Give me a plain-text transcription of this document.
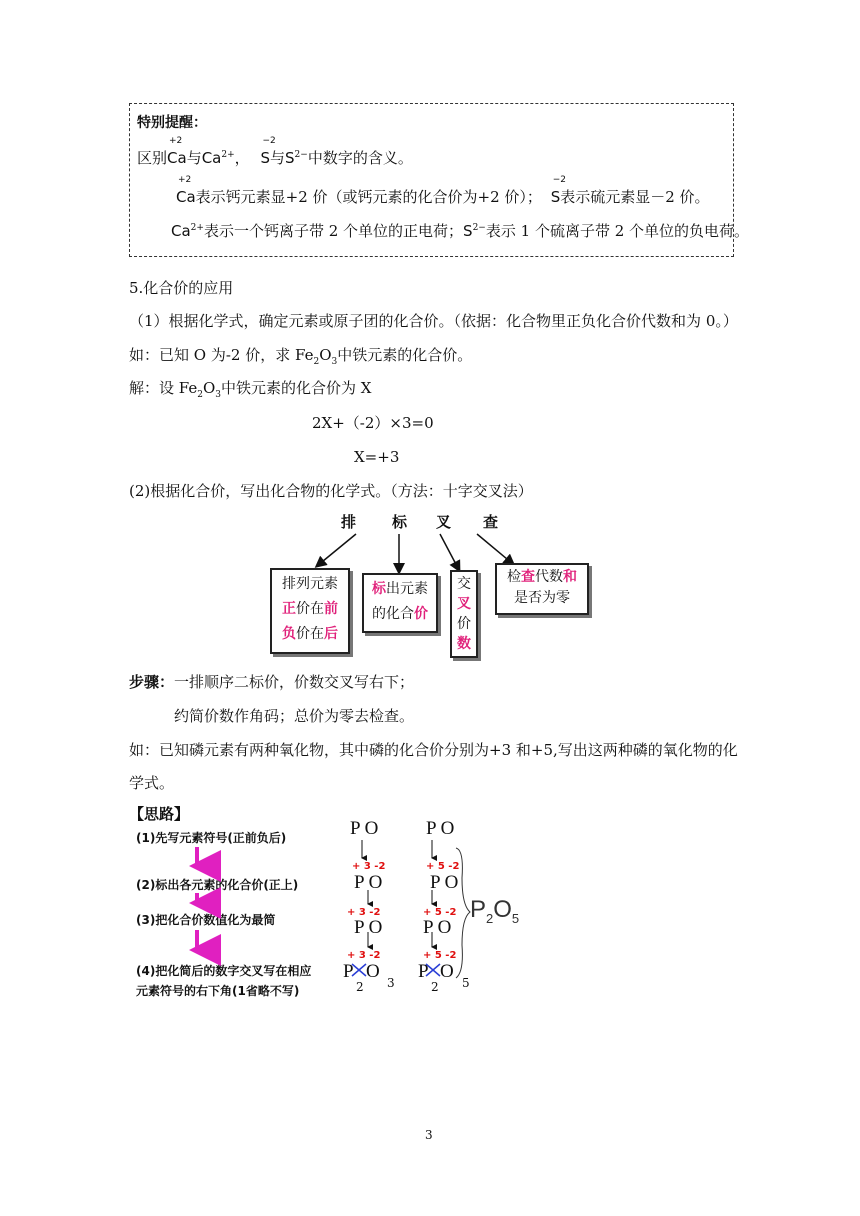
特别提醒：
区别
+2
Ca与$Ca^{2+}$，
−2
S与$S^{2-}$中数字的含义。
+2
Ca表示钙元素显+2 价（或钙元素的化合价为+2 价）；
−2
S表示硫元素显－2 价。
$Ca^{2+}$表示一个钙离子带 2 个单位的正电荷；$S^{2-}$表示 1 个硫离子带 2 个单位的负电荷。
5.化合价的应用
（1）根据化学式，确定元素或原子团的化合价。（依据：化合物里正负化合价代数和为 0。）
如：已知 O 为-2 价，求 $Fe_2O_3$中铁元素的化合价。
解：设 $Fe_2O_3$中铁元素的化合价为 X
2X+（-2）×3=0
X=+3
(2)根据化合价，写出化合物的化学式。（方法：十字交叉法）
排 标 叉 查
排列元素
正价在前
负价在后
标出元素
的化合价
交
叉
价
数
检查代数和
是否为零
步骤：一排顺序二标价，价数交叉写右下；
约简价数作角码；总价为零去检查。
如：已知磷元素有两种氧化物，其中磷的化合价分别为+3 和+5,写出这两种磷的氧化物的化
学式。
【思路】
(1)先写元素符号(正前负后)
(2)标出各元素的化合价(正上)
(3)把化合价数值化为最简
(4)把化简后的数字交叉写在相应
元素符号的右下角(1省略不写)
P O
+ 3 -2
P O
+ 3 -2
P O
+ 3 -2
P O
2 3
P O
+ 5 -2
P O
+ 5 -2
P O
+ 5 -2
P O
2 5
$P_2O_5$
3
